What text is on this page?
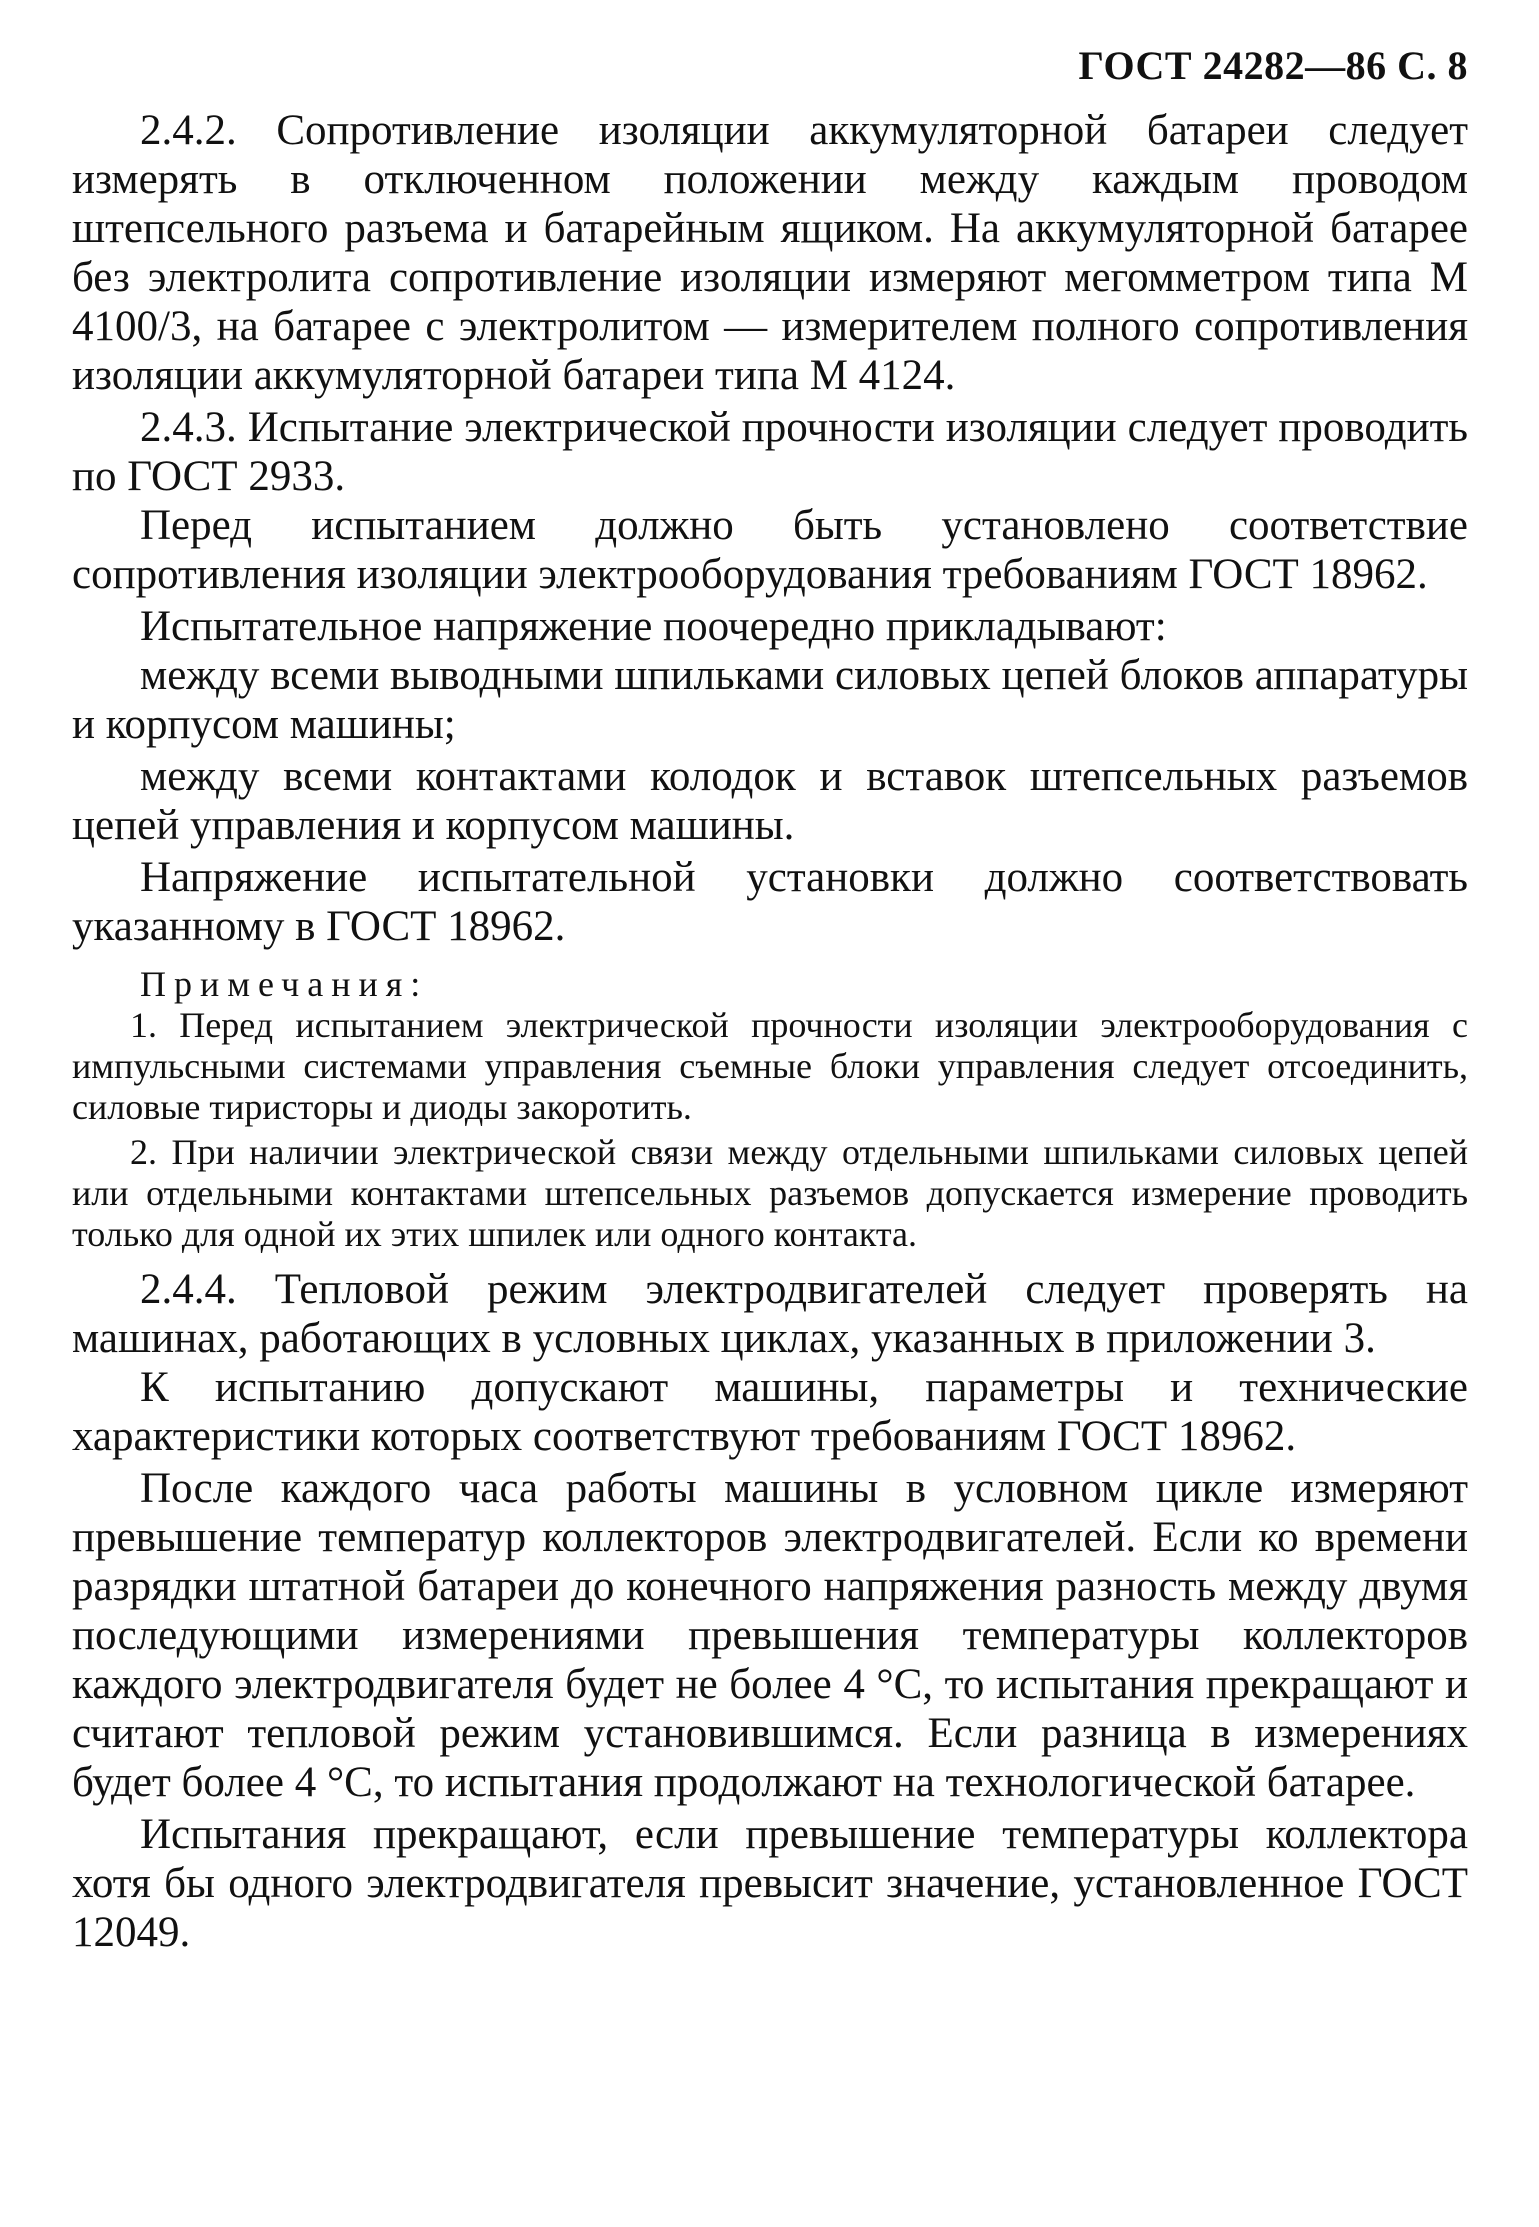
ГОСТ 24282—86 С. 8

2.4.2. Сопротивление изоляции аккумуляторной батареи следует измерять в отключенном положении между каждым проводом штепсельного разъема и батарейным ящиком. На аккумуляторной батарее без электролита сопротивление изоляции измеряют мегомметром типа М 4100/3, на батарее с электролитом — измерителем полного сопротивления изоляции аккумуляторной батареи типа М 4124.

2.4.3. Испытание электрической прочности изоляции следует проводить по ГОСТ 2933.

Перед испытанием должно быть установлено соответствие сопротивления изоляции электрооборудования требованиям ГОСТ 18962.

Испытательное напряжение поочередно прикладывают:

между всеми выводными шпильками силовых цепей блоков аппаратуры и корпусом машины;

между всеми контактами колодок и вставок штепсельных разъемов цепей управления и корпусом машины.

Напряжение испытательной установки должно соответствовать указанному в ГОСТ 18962.

Примечания:

1. Перед испытанием электрической прочности изоляции электрооборудования с импульсными системами управления съемные блоки управления следует отсоединить, силовые тиристоры и диоды закоротить.

2. При наличии электрической связи между отдельными шпильками силовых цепей или отдельными контактами штепсельных разъемов допускается измерение проводить только для одной их этих шпилек или одного контакта.

2.4.4. Тепловой режим электродвигателей следует проверять на машинах, работающих в условных циклах, указанных в приложении 3.

К испытанию допускают машины, параметры и технические характеристики которых соответствуют требованиям ГОСТ 18962.

После каждого часа работы машины в условном цикле измеряют превышение температур коллекторов электродвигателей. Если ко времени разрядки штатной батареи до конечного напряжения разность между двумя последующими измерениями превышения температуры коллекторов каждого электродвигателя будет не более 4 °С, то испытания прекращают и считают тепловой режим установившимся. Если разница в измерениях будет более 4 °С, то испытания продолжают на технологической батарее.

Испытания прекращают, если превышение температуры коллектора хотя бы одного электродвигателя превысит значение, установленное ГОСТ 12049.
